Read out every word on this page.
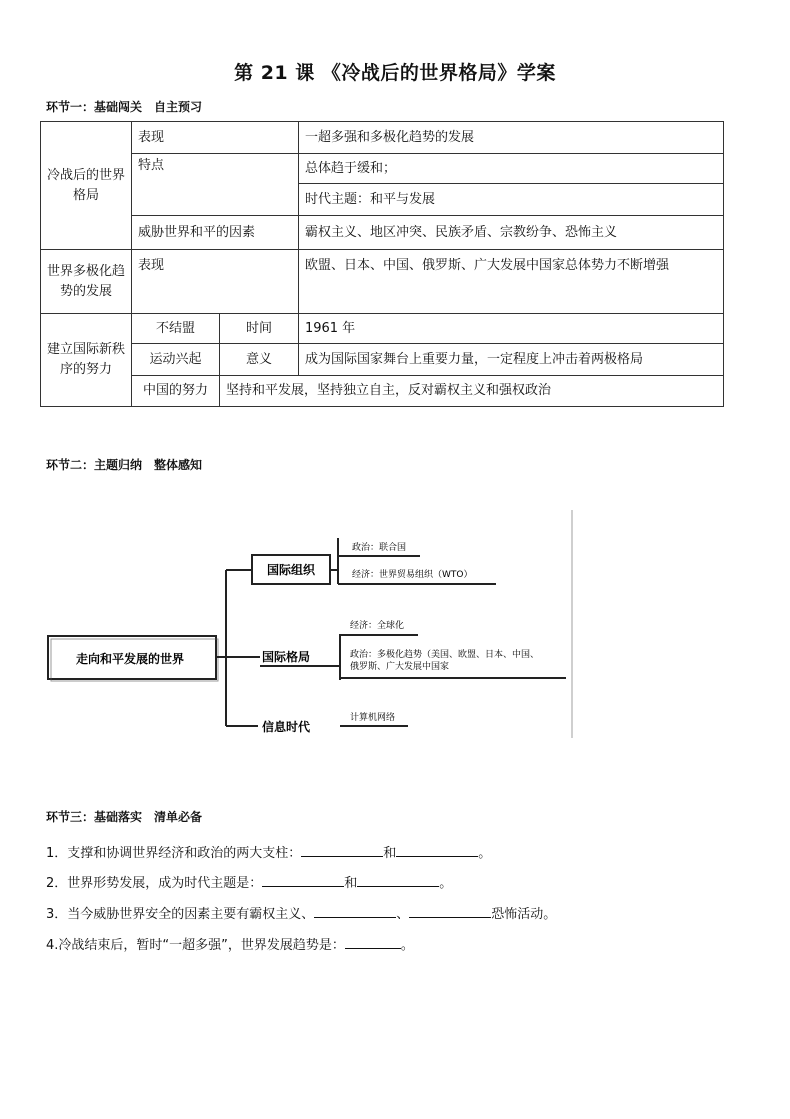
第 21 课 《冷战后的世界格局》学案
环节一：基础闯关　自主预习
冷战后的世界格局	表现		一超多强和多极化趋势的发展
	特点		总体趋于缓和；
			时代主题：和平与发展
	威胁世界和平的因素		霸权主义、地区冲突、民族矛盾、宗教纷争、恐怖主义
世界多极化趋势的发展	表现		欧盟、日本、中国、俄罗斯、广大发展中国家总体势力不断增强
建立国际新秩序的努力	不结盟	时间	1961 年
	运动兴起	意义	成为国际国家舞台上重要力量，一定程度上冲击着两极格局
	中国的努力	坚持和平发展，坚持独立自主，反对霸权主义和强权政治	
环节二：主题归纳　整体感知
走向和平发展的世界
国际组织
政治：联合国
经济：世界贸易组织（WTO）
国际格局
经济：全球化
政治：多极化趋势（美国、欧盟、日本、中国、
俄罗斯、广大发展中国家
信息时代
计算机网络
环节三：基础落实　清单必备
1．支撑和协调世界经济和政治的两大支柱：	和	。
2．世界形势发展，成为时代主题是：	和	。
3．当今威胁世界安全的因素主要有霸权主义、	、	恐怖活动。
4.冷战结束后，暂时“一超多强”，世界发展趋势是：	。
